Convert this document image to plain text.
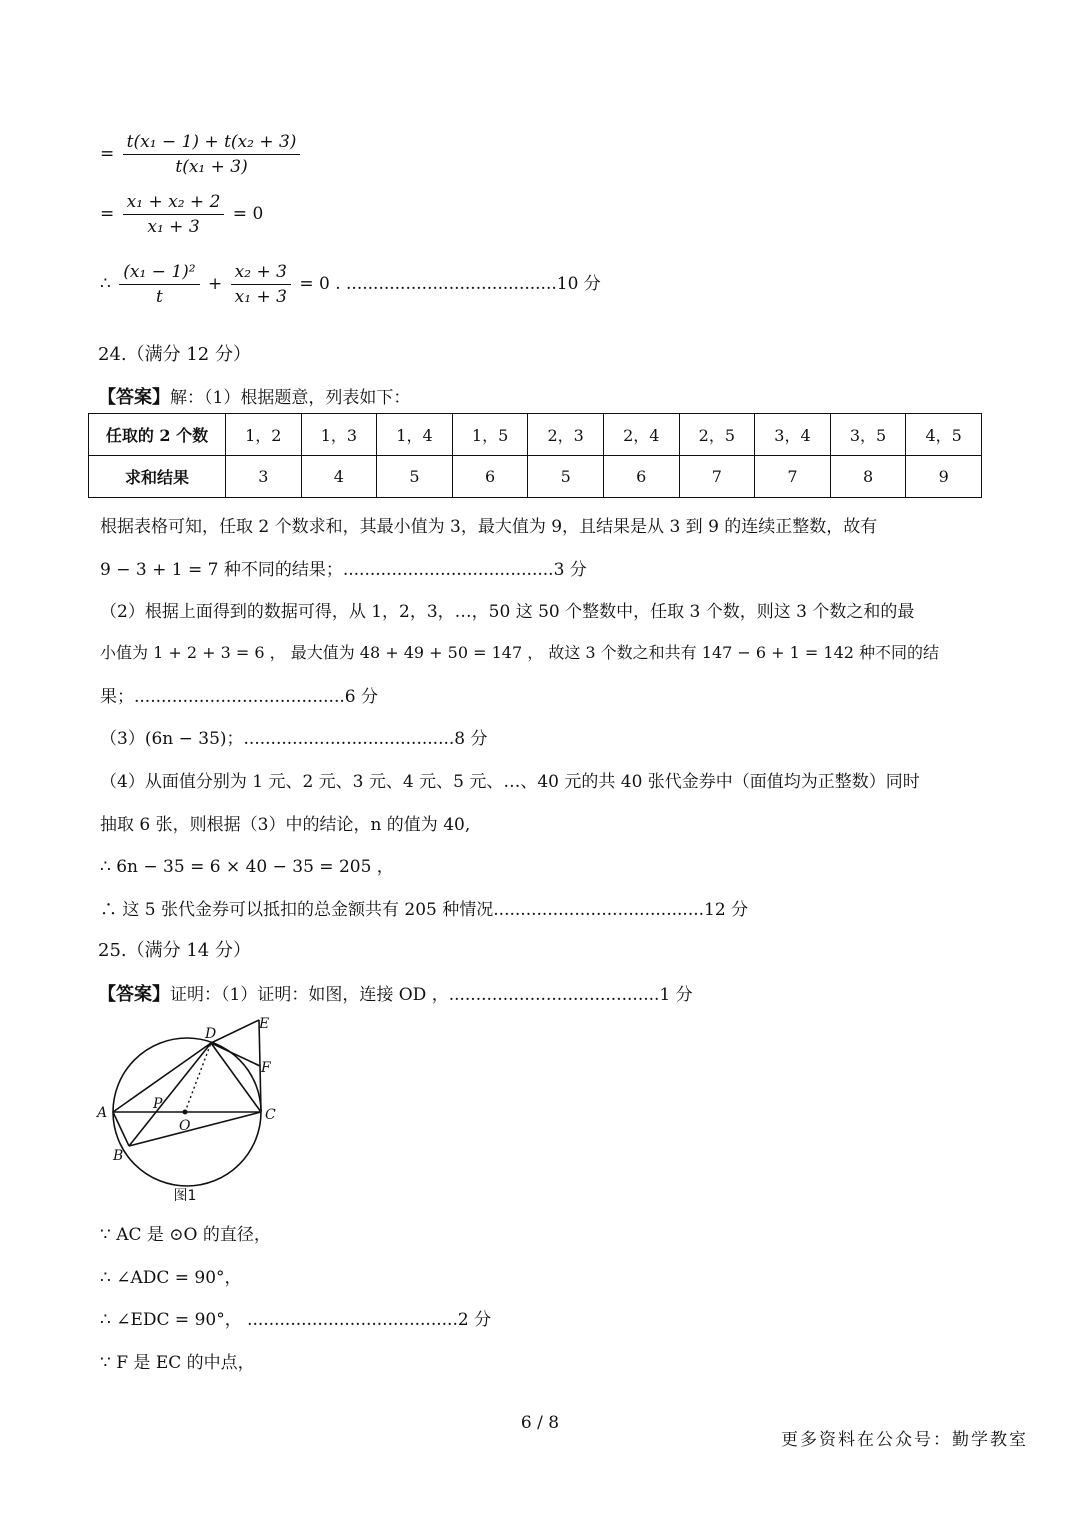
= $\frac{\text{t(x₁ − 1) + t(x₂ + 3)}}{\text{t(x₁ + 3)}}$
= $\frac{\text{x₁ + x₂ + 2}}{\text{x₁ + 3}} = 0$
∴ $\frac{\text{(x₁ − 1)²}}{t} + \frac{\text{x₂ + 3}}{\text{x₁ + 3}} = 0$ . .......................................10 分
24.（满分 12 分）
【答案】解：（1）根据题意，列表如下：
任取的 2 个数	1，2	1，3	1，4	1，5	2，3	2，4	2，5	3，4	3，5	4，5
求和结果	3	4	5	6	5	6	7	7	8	9
根据表格可知，任取 2 个数求和，其最小值为 3，最大值为 9，且结果是从 3 到 9 的连续正整数，故有
9 − 3 + 1 = 7 种不同的结果；.......................................3 分
（2）根据上面得到的数据可得，从 1，2，3，…，50 这 50 个整数中，任取 3 个数，则这 3 个数之和的最
小值为 1 + 2 + 3 = 6 ， 最大值为 48 + 49 + 50 = 147 ， 故这 3 个数之和共有 147 − 6 + 1 = 142 种不同的结
果；.......................................6 分
（3）(6n − 35)；.......................................8 分
（4）从面值分别为 1 元、2 元、3 元、4 元、5 元、…、40 元的共 40 张代金券中（面值均为正整数）同时
抽取 6 张，则根据（3）中的结论，n 的值为 40,
∴ 6n − 35 = 6 × 40 − 35 = 205 ，
∴ 这 5 张代金券可以抵扣的总金额共有 205 种情况.......................................12 分
25.（满分 14 分）
【答案】证明：（1）证明：如图，连接 OD ，.......................................1 分
A
B
C
D
E
F
O
P
图1
∵ AC 是 ⊙O 的直径，
∴ ∠ADC = 90°，
∴ ∠EDC = 90°， .......................................2 分
∵ F 是 EC 的中点，
6 / 8
更多资料在公众号：勤学教室
